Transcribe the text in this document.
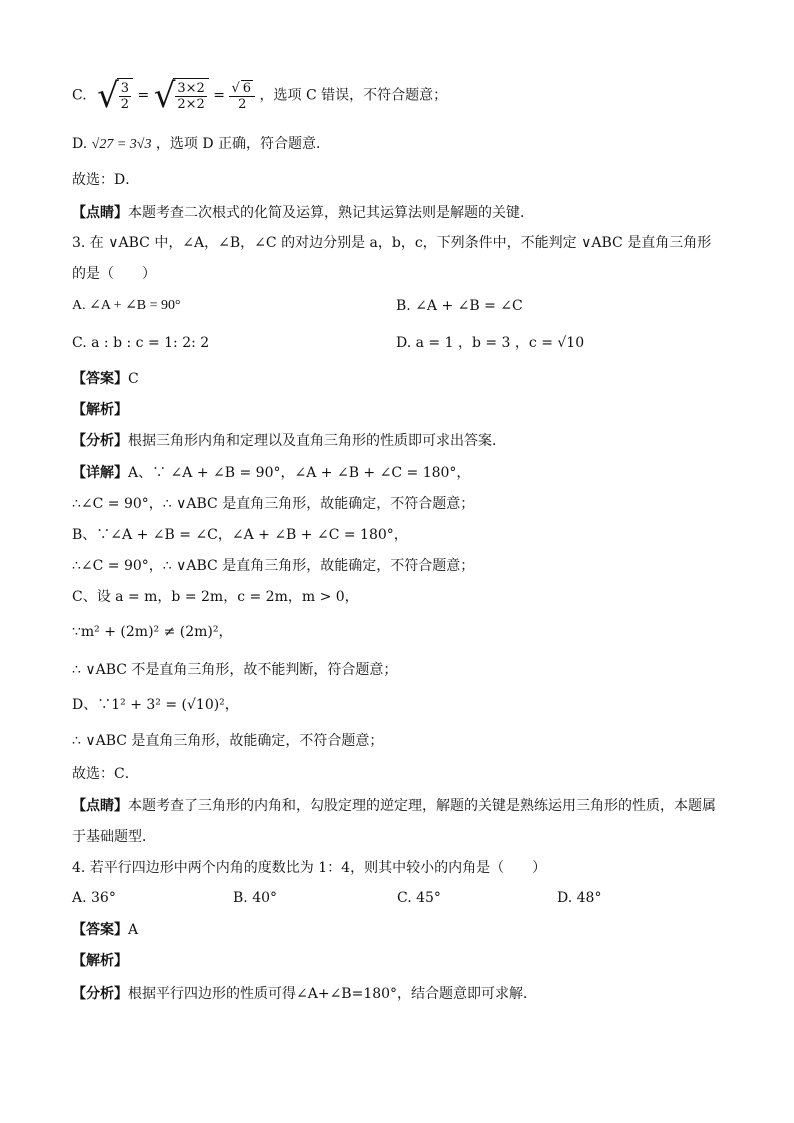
C. √ $\frac{3}{2}$ = √ $\frac{3\times 2}{2\times 2} = \frac{√ 6}{2}$ ，选项 C 错误，不符合题意；
D. √27 = 3√3 ，选项 D 正确，符合题意．
故选：D．
【点睛】本题考查二次根式的化简及运算，熟记其运算法则是解题的关键．
3. 在 ∨ABC 中，∠A，∠B，∠C 的对边分别是 a，b，c，下列条件中，不能判定 ∨ABC 是直角三角形
的是（　　）
A. ∠A + ∠B = 90°	B. ∠A + ∠B = ∠C
C. a : b : c = 1: 2: 2	D. a = 1 ，b = 3 ，c = √10
【答案】C
【解析】
【分析】根据三角形内角和定理以及直角三角形的性质即可求出答案．
【详解】A、∵ ∠A + ∠B = 90°，∠A + ∠B + ∠C = 180°，
∴∠C = 90°，∴ ∨ABC 是直角三角形，故能确定，不符合题意；
B、∵∠A + ∠B = ∠C，∠A + ∠B + ∠C = 180°，
∴∠C = 90°，∴ ∨ABC 是直角三角形，故能确定，不符合题意；
C、设 a = m，b = 2m，c = 2m，m > 0，
∵m² + (2m)² ≠ (2m)²，
∴ ∨ABC 不是直角三角形，故不能判断，符合题意；
D、∵1² + 3² = (√10)²，
∴ ∨ABC 是直角三角形，故能确定，不符合题意；
故选：C．
【点睛】本题考查了三角形的内角和，勾股定理的逆定理，解题的关键是熟练运用三角形的性质，本题属
于基础题型．
4. 若平行四边形中两个内角的度数比为 1：4，则其中较小的内角是（　　）
A. 36°	B. 40°	C. 45°	D. 48°
【答案】A
【解析】
【分析】根据平行四边形的性质可得∠A+∠B=180°，结合题意即可求解．
